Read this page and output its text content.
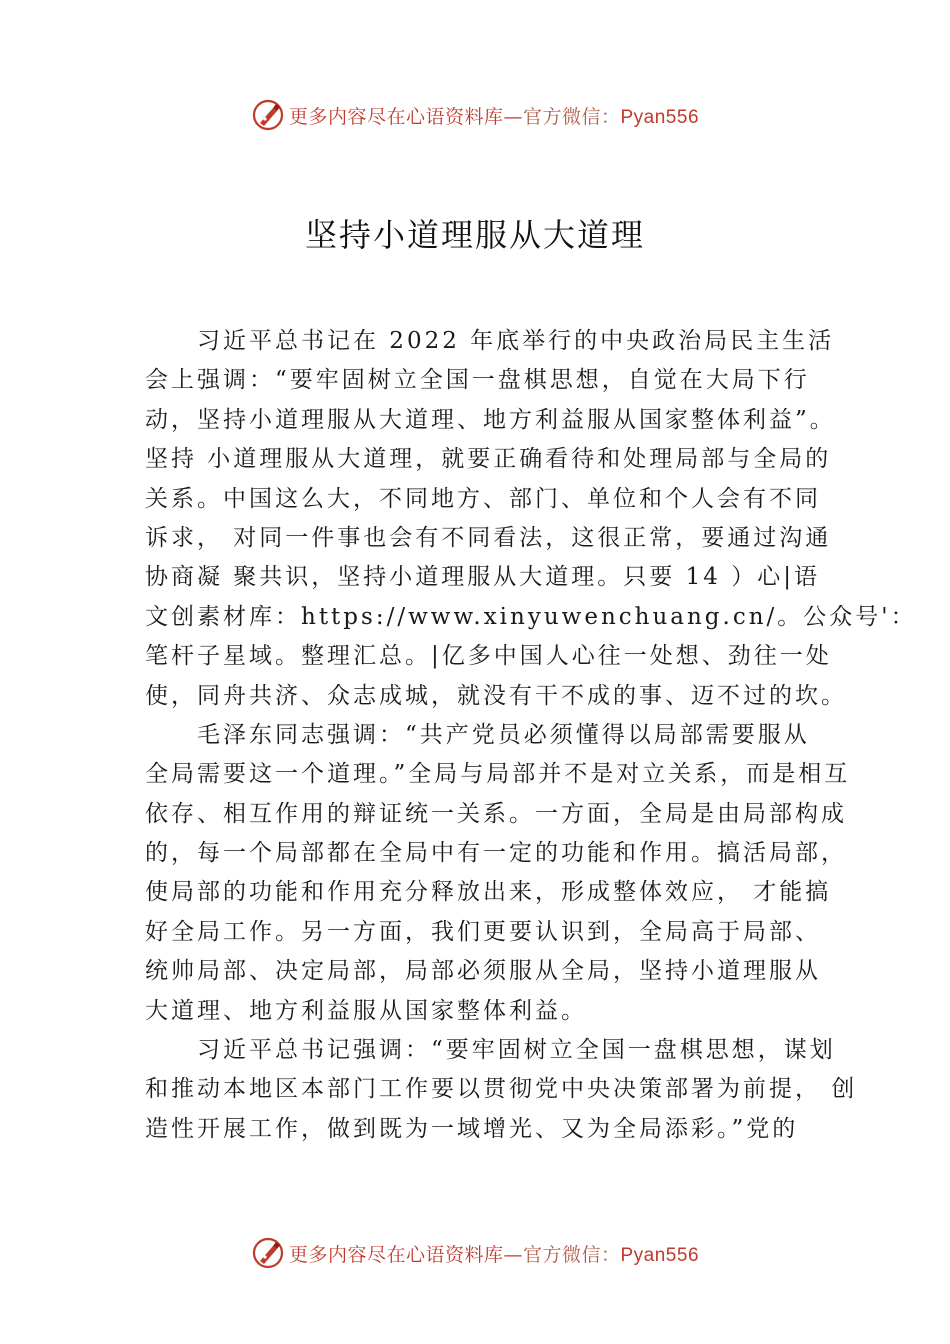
更多内容尽在心语资料库—官方微信：Pyan556
坚持小道理服从大道理
习近平总书记在 2022 年底举行的中央政治局民主生活
会上强调：“要牢固树立全国一盘棋思想，自觉在大局下行
动，坚持小道理服从大道理、地方利益服从国家整体利益”。
坚持 小道理服从大道理，就要正确看待和处理局部与全局的
关系。中国这么大，不同地方、部门、单位和个人会有不同
诉求， 对同一件事也会有不同看法，这很正常，要通过沟通
协商凝 聚共识，坚持小道理服从大道理。只要 14 ）心|语
文创素材库：https://www.xinyuwenchuang.cn/。公众号'：
笔杆子星域。整理汇总。|亿多中国人心往一处想、劲往一处
使，同舟共济、众志成城，就没有干不成的事、迈不过的坎。
毛泽东同志强调：“共产党员必须懂得以局部需要服从
全局需要这一个道理。”全局与局部并不是对立关系，而是相互
依存、相互作用的辩证统一关系。一方面，全局是由局部构成
的，每一个局部都在全局中有一定的功能和作用。搞活局部，
使局部的功能和作用充分释放出来，形成整体效应， 才能搞
好全局工作。另一方面，我们更要认识到，全局高于局部、
统帅局部、决定局部，局部必须服从全局，坚持小道理服从
大道理、地方利益服从国家整体利益。
习近平总书记强调：“要牢固树立全国一盘棋思想，谋划
和推动本地区本部门工作要以贯彻党中央决策部署为前提， 创
造性开展工作，做到既为一域增光、又为全局添彩。”党的
更多内容尽在心语资料库—官方微信：Pyan556
